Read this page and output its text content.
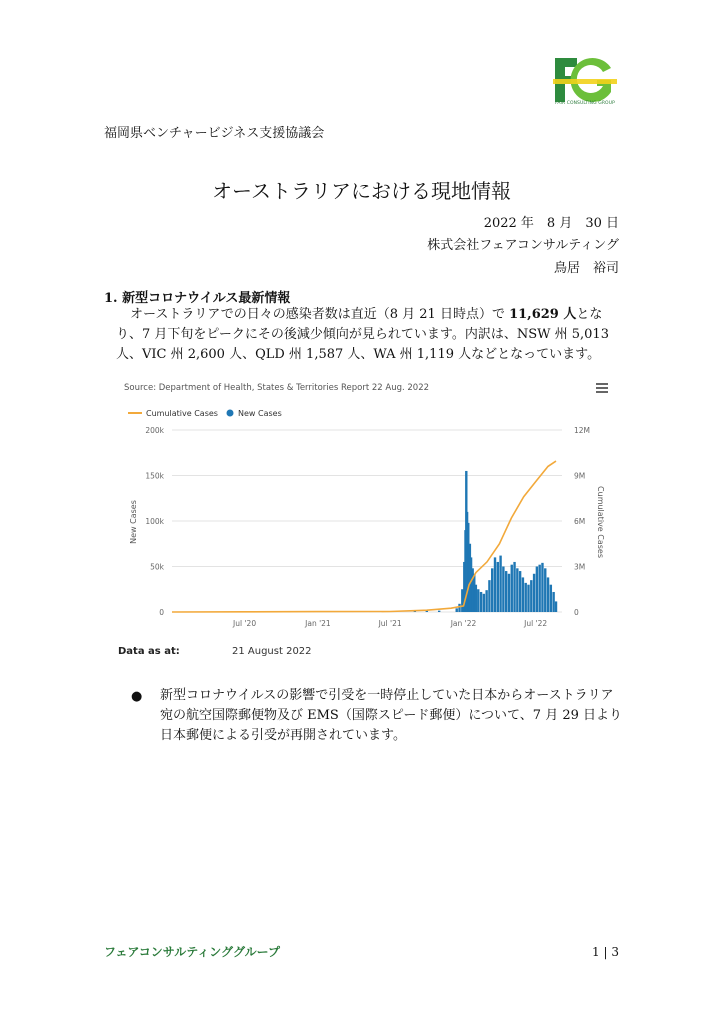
FAIR CONSULTING GROUP
福岡県ベンチャービジネス支援協議会
オーストラリアにおける現地情報
2022 年　8 月　30 日
株式会社フェアコンサルティング
鳥居　裕司
1. 新型コロナウイルス最新情報
オーストラリアでの日々の感染者数は直近（8 月 21 日時点）で 11,629 人となり、7 月下旬をピークにその後減少傾向が見られています。内訳は、NSW 州 5,013 人、VIC 州 2,600 人、QLD 州 1,587 人、WA 州 1,119 人などとなっています。
Source: Department of Health, States & Territories Report 22 Aug. 2022
Cumulative Cases	New Cases
200k	12M
150k	9M
100k	6M
50k	3M
0	0
Jul '20	Jan '21	Jul '21	Jan '22	Jul '22
New Cases	Cumulative Cases
Data as at:	21 August 2022
● 新型コロナウイルスの影響で引受を一時停止していた日本からオーストラリア宛の航空国際郵便物及び EMS（国際スピード郵便）について、7 月 29 日より日本郵便による引受が再開されています。
フェアコンサルティンググループ	1 | 3
